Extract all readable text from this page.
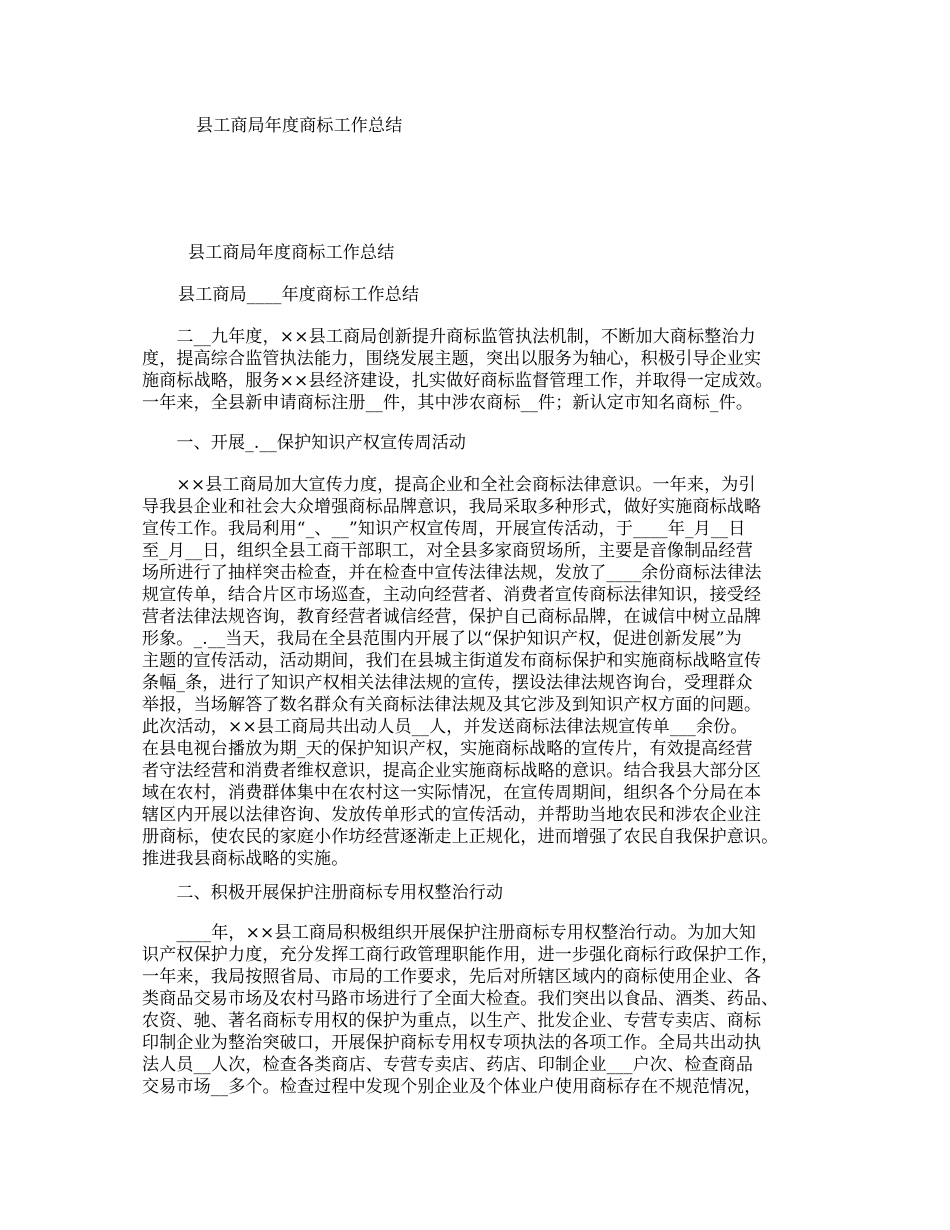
县工商局年度商标工作总结
县工商局年度商标工作总结
县工商局____年度商标工作总结
　　二__九年度，××县工商局创新提升商标监管执法机制，不断加大商标整治力
度，提高综合监管执法能力，围绕发展主题，突出以服务为轴心，积极引导企业实
施商标战略，服务××县经济建设，扎实做好商标监督管理工作，并取得一定成效。
一年来，全县新申请商标注册__件，其中涉农商标__件；新认定市知名商标_件。
　　一、开展_.__保护知识产权宣传周活动
　　××县工商局加大宣传力度，提高企业和全社会商标法律意识。一年来，为引
导我县企业和社会大众增强商标品牌意识，我局采取多种形式，做好实施商标战略
宣传工作。我局利用“_、__”知识产权宣传周，开展宣传活动，于____年_月__日
至_月__日，组织全县工商干部职工，对全县多家商贸场所，主要是音像制品经营
场所进行了抽样突击检查，并在检查中宣传法律法规，发放了____余份商标法律法
规宣传单，结合片区市场巡查，主动向经营者、消费者宣传商标法律知识，接受经
营者法律法规咨询，教育经营者诚信经营，保护自己商标品牌，在诚信中树立品牌
形象。_.__当天，我局在全县范围内开展了以“保护知识产权，促进创新发展”为
主题的宣传活动，活动期间，我们在县城主街道发布商标保护和实施商标战略宣传
条幅_条，进行了知识产权相关法律法规的宣传，摆设法律法规咨询台，受理群众
举报，当场解答了数名群众有关商标法律法规及其它涉及到知识产权方面的问题。
此次活动，××县工商局共出动人员__人，并发送商标法律法规宣传单___余份。
在县电视台播放为期_天的保护知识产权，实施商标战略的宣传片，有效提高经营
者守法经营和消费者维权意识，提高企业实施商标战略的意识。结合我县大部分区
域在农村，消费群体集中在农村这一实际情况，在宣传周期间，组织各个分局在本
辖区内开展以法律咨询、发放传单形式的宣传活动，并帮助当地农民和涉农企业注
册商标，使农民的家庭小作坊经营逐渐走上正规化，进而增强了农民自我保护意识。
推进我县商标战略的实施。
　　二、积极开展保护注册商标专用权整治行动
　　____年，××县工商局积极组织开展保护注册商标专用权整治行动。为加大知
识产权保护力度，充分发挥工商行政管理职能作用，进一步强化商标行政保护工作，
一年来，我局按照省局、市局的工作要求，先后对所辖区域内的商标使用企业、各
类商品交易市场及农村马路市场进行了全面大检查。我们突出以食品、酒类、药品、
农资、驰、著名商标专用权的保护为重点，以生产、批发企业、专营专卖店、商标
印制企业为整治突破口，开展保护商标专用权专项执法的各项工作。全局共出动执
法人员__人次，检查各类商店、专营专卖店、药店、印制企业___户次、检查商品
交易市场__多个。检查过程中发现个别企业及个体业户使用商标存在不规范情况，
